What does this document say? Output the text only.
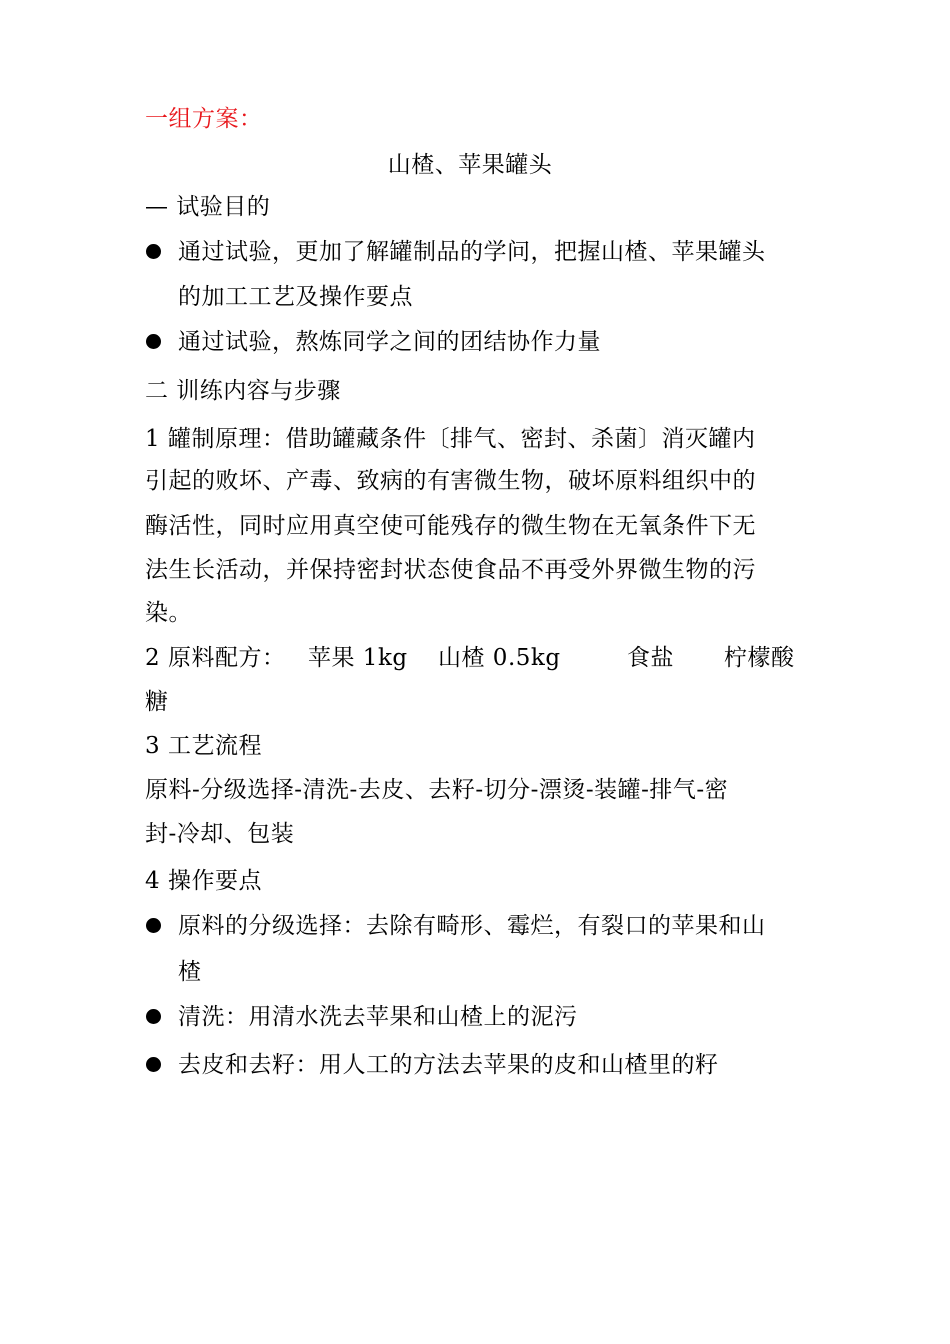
一组方案：
山楂、苹果罐头
— 试验目的
通过试验，更加了解罐制品的学问，把握山楂、苹果罐头
的加工工艺及操作要点
通过试验，熬炼同学之间的团结协作力量
二 训练内容与步骤
1 罐制原理：借助罐藏条件〔排气、密封、杀菌〕消灭罐内
引起的败坏、产毒、致病的有害微生物，破坏原料组织中的
酶活性，同时应用真空使可能残存的微生物在无氧条件下无
法生长活动，并保持密封状态使食品不再受外界微生物的污
染。
2 原料配方： 苹果 1kg 山楂 0.5kg	食盐 柠檬酸
糖
3 工艺流程
原料-分级选择-清洗-去皮、去籽-切分-漂烫-装罐-排气-密
封-冷却、包装
4 操作要点
原料的分级选择：去除有畸形、霉烂，有裂口的苹果和山
楂
清洗：用清水洗去苹果和山楂上的泥污
去皮和去籽：用人工的方法去苹果的皮和山楂里的籽
